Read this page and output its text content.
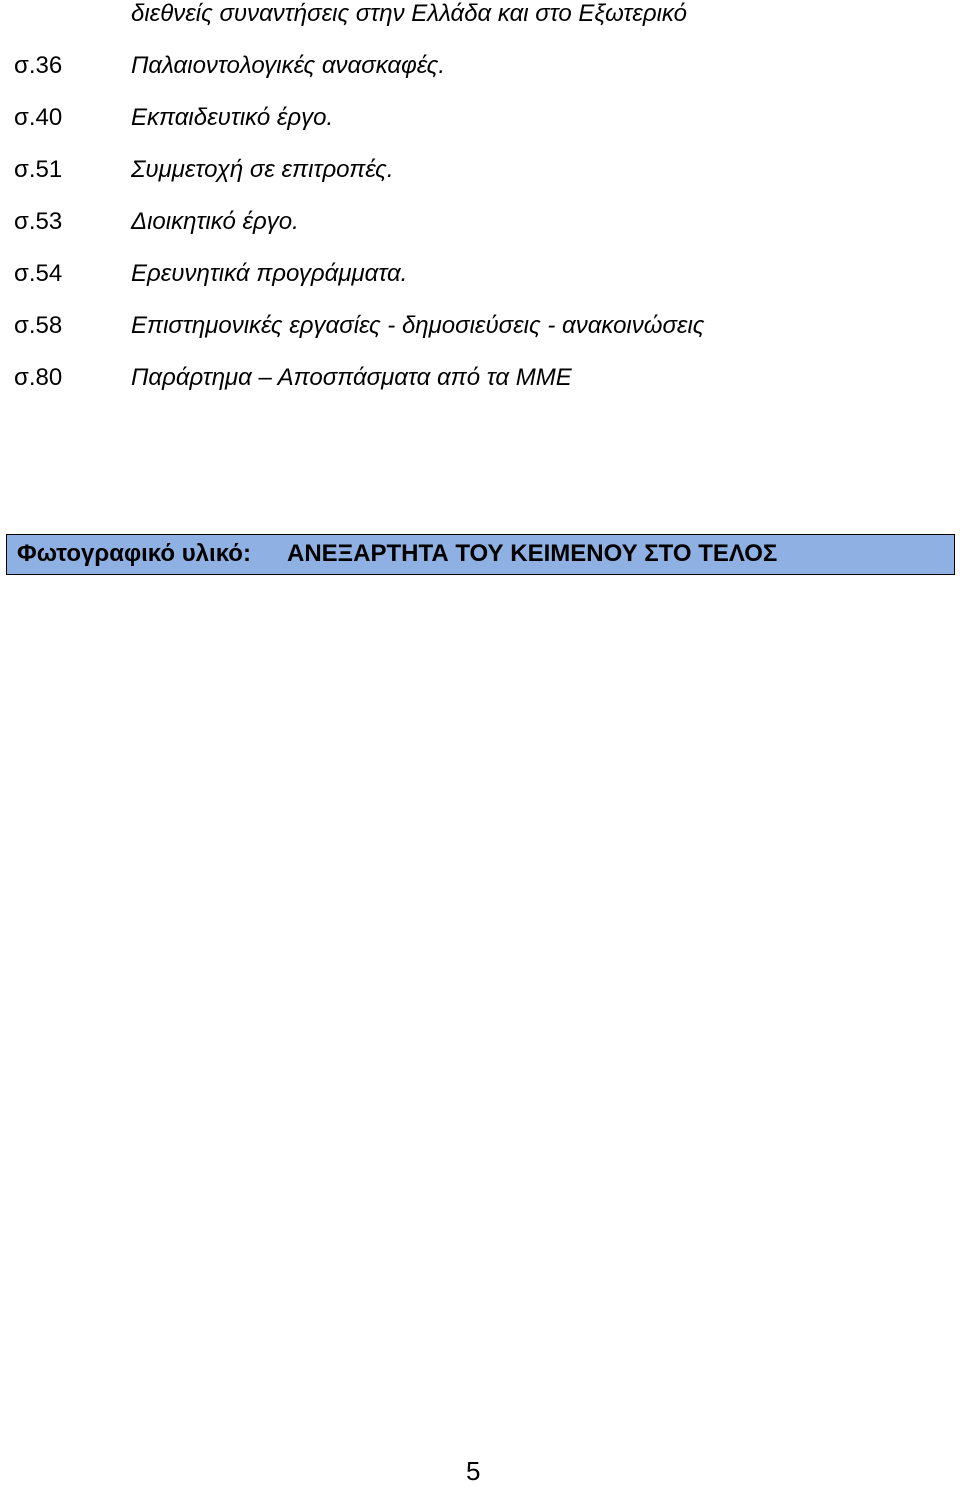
διεθνείς συναντήσεις στην Ελλάδα και στο Εξωτερικό
σ.36	Παλαιοντολογικές ανασκαφές.
σ.40	Εκπαιδευτικό έργο.
σ.51	Συμμετοχή σε επιτροπές.
σ.53	Διοικητικό έργο.
σ.54	Ερευνητικά προγράμματα.
σ.58	Επιστημονικές εργασίες - δημοσιεύσεις - ανακοινώσεις
σ.80	Παράρτημα – Αποσπάσματα από τα ΜΜΕ
Φωτογραφικό υλικό: ΑΝΕΞΑΡΤΗΤΑ ΤΟΥ ΚΕΙΜΕΝΟΥ ΣΤΟ ΤΕΛΟΣ
5
